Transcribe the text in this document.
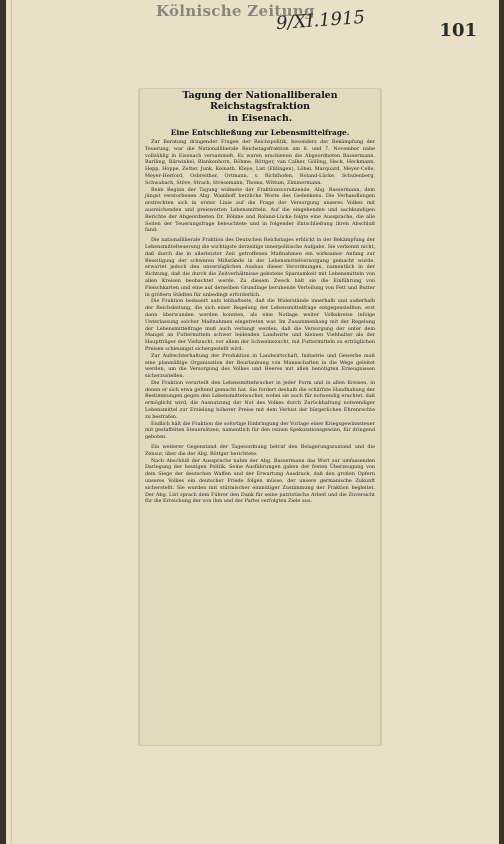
Kölnische Zeitung
9/XI.1915	101
Tagung der Nationalliberalen Reichstagsfraktion
in Eisenach.
Eine Entschließung zur Lebensmittelfrage.

Zur Beratung dringender Fragen der Reichspolitik, besonders der Bekämpfung der Teuerung, war die Nationalliberale Reichstagsfraktion am 6. und 7. November nahe vollzählig in Eisenach versammelt. Es waren erschienen die Abgeordneten Bassermann, Barlling, Bärwinkel, Blankenhorn, Böhme, Böttger, van Calker, Gölling, Heck, Heckmann, Hepp, Hoppe, Zetter, Junk, Keinath, Kleye, List (Eßlingen), Löbel, Marquard, Meyer-Celle, Meyer-Herford, Osbreither, Ortmann, v. Richthofen, Roland-Lücke, Schulenberg, Schwabach, Stöve, Strack, Stresemann, Thoma, Wittum, Zimmermann.

Beim Beginn der Tagung widmete der Fraktionsvorsitzende, Abg. Bassermann, dem jüngst verstorbenen Abg. Wamhoff herzliche Worte des Gedenkens. Die Verhandlungen erstreckten sich in erster Linie auf die Frage der Versorgung unseres Volkes mit ausreichenden und preiswerten Lebensmitteln. Auf die eingehenden und sachkundigen Berichte der Abgeordneten Dr. Böhme und Roland-Lücke folgte eine Aussprache, die alle Seiten der Teuerungsfrage beleuchtete und in folgender Entschließung ihren Abschluß fand:

Die nationalliberale Fraktion des Deutschen Reichstages erblickt in der Bekämpfung der Lebensmittelteuerung die wichtigste derzeitige innerpolitische Aufgabe. Sie verkennt nicht, daß durch die in allerletzter Zeit getroffenen Maßnahmen ein wirksamer Anfang zur Beseitigung der schweren Mißstände in der Lebensmittelversorgung gemacht wurde, erwartet jedoch den unverzüglichen Ausbau dieser Verordnungen, namentlich in der Richtung, daß die durch die Zeitverhältnisse gebotene Sparsamkeit mit Lebensmitteln von allen Kreisen beobachtet werde. Zu diesem Zweck hält sie die Einführung von Fleischkarten und eine auf derselben Grundlage beruhende Verteilung von Fett und Butter in größern Städten für unbedingt erforderlich.

Die Fraktion bedauert aufs lebhafteste, daß die Widerstände innerhalb und außerhalb der Reichsleitung, die sich einer Regelung der Lebensmittelfrage entgegenstellten, erst dann überwunden werden konnten, als eine Notlage weiter Volkskreise infolge Unterlassung solcher Maßnahmen eingetreten war. Im Zusammenhang mit der Regelung der Lebensmittelfrage muß auch verlangt werden, daß die Versorgung der unter dem Mangel an Futtermitteln schwer leidenden Landwirte und kleinen Viehhalter als der Hauptträger der Viehzucht, vor allem der Schweinezucht, mit Futtermitteln zu erträglichen Preisen schleunigst sichergestellt wird.

Zur Aufrechterhaltung der Produktion in Landwirtschaft, Industrie und Gewerbe muß eine planmäßige Organisation der Beurlaubung von Mannschaften in die Wege geleitet werden, um die Versorgung des Volkes und Heeres mit allen benötigten Erzeugnissen sicherzustellen.

Die Fraktion verurteilt den Lebensmittelwucher in jeder Form und in allen Kreisen, in denen er sich etwa geltend gemacht hat. Sie fordert deshalb die schärfste Handhabung der Bestimmungen gegen den Lebensmittelwucher, wobei sie auch für notwendig erachtet, daß ermöglicht wird, die Ausnutzung der Not des Volkes durch Zurückhaltung notwendiger Lebensmittel zur Erzielung höherer Preise mit dem Verlust der bürgerlichen Ehrenrechte zu bestrafen.

Endlich hält die Fraktion die sofortige Einbringung der Vorlage einer Kriegsgewinnsteuer mit gestaffelten Steuersätzen, namentlich für den reinen Spekulationsgewinn, für dringend geboten.

Ein weiterer Gegenstand der Tagesordnung betraf den Belagerungszustand und die Zensur, über die der Abg. Böttger berichtete.

Nach Abschluß der Aussprache nahm der Abg. Bassermann das Wort zur umfassenden Darlegung der heutigen Politik. Seine Ausführungen gaben der festen Überzeugung von dem Siege der deutschen Waffen und der Erwartung Ausdruck, daß den großen Opfern unseres Volkes ein deutscher Friede folgen müsse, der unsere germanische Zukunft sicherstellt. Sie wurden mit stürmischer einmütiger Zustimmung der Fraktion begleitet. Der Abg. List sprach dem Führer den Dank für seine patriotische Arbeit und die Zuversicht für die Erreichung der von ihm und der Partei verfolgten Ziele aus.
